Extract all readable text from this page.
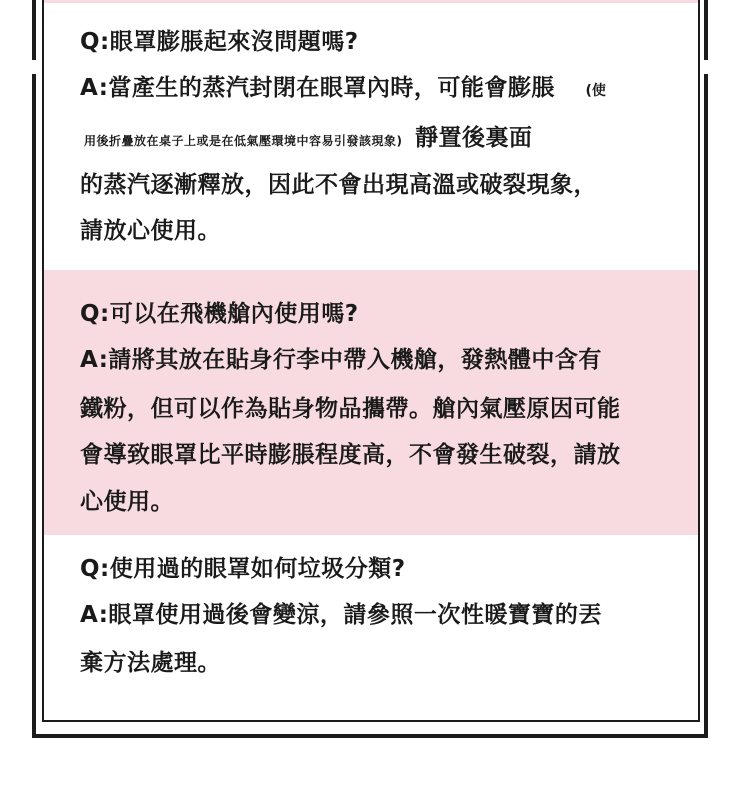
Q:眼罩膨脹起來沒問題嗎?
A:當產生的蒸汽封閉在眼罩內時，可能會膨脹 (使
用後折疊放在桌子上或是在低氣壓環境中容易引發該現象) 靜置後裏面
的蒸汽逐漸釋放，因此不會出現高溫或破裂現象，
請放心使用。
Q:可以在飛機艙內使用嗎?
A:請將其放在貼身行李中帶入機艙，發熱體中含有
鐵粉，但可以作為貼身物品攜帶。艙內氣壓原因可能
會導致眼罩比平時膨脹程度高，不會發生破裂，請放
心使用。
Q:使用過的眼罩如何垃圾分類?
A:眼罩使用過後會變涼，請參照一次性暖寶寶的丟
棄方法處理。
